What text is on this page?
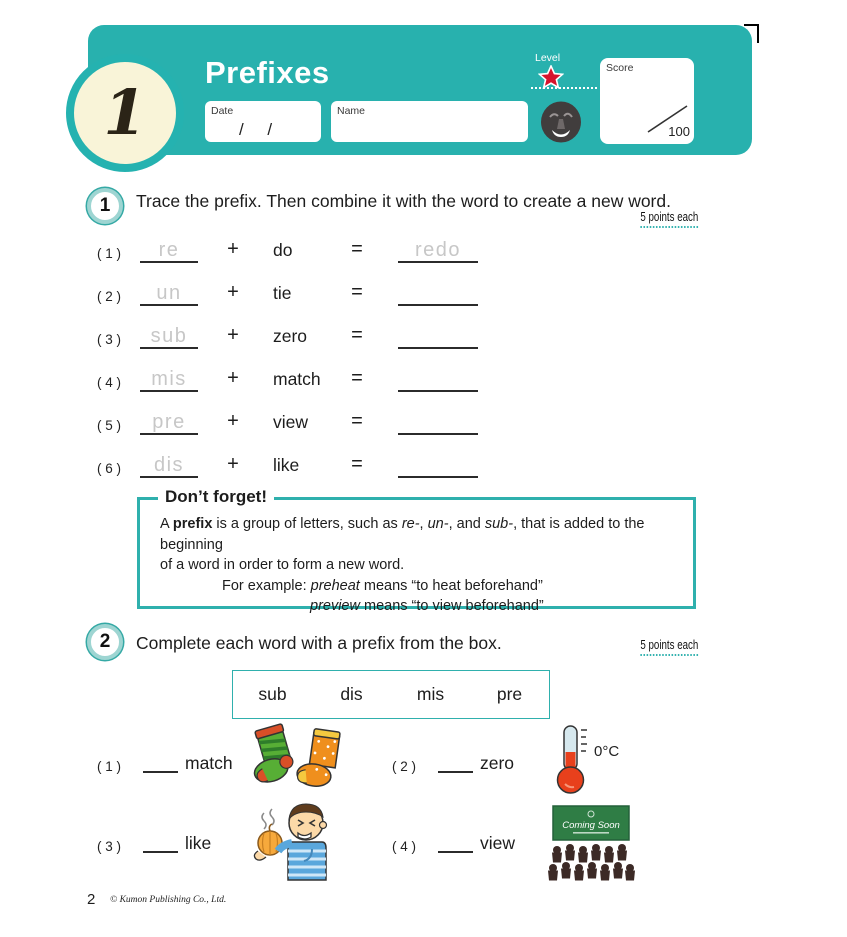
Prefixes
Date
/     /
Name
Level
Score
100
1
1 Trace the prefix. Then combine it with the word to create a new word.
5 points each
( 1 )	re	+	do	=	redo
( 2 )	un	+	tie	=
( 3 )	sub	+	zero	=
( 4 )	mis	+	match	=
( 5 )	pre	+	view	=
( 6 )	dis	+	like	=
Don’t forget!
A prefix is a group of letters, such as re-, un-, and sub-, that is added to the beginning
of a word in order to form a new word.
For example: preheat means “to heat beforehand”
preview means “to view beforehand”
2 Complete each word with a prefix from the box.	5 points each
sub	dis	mis	pre
( 1 )	match	( 2 )	zero
0°C
( 3 )	like	( 4 )	view
Coming Soon
2 © Kumon Publishing Co., Ltd.
